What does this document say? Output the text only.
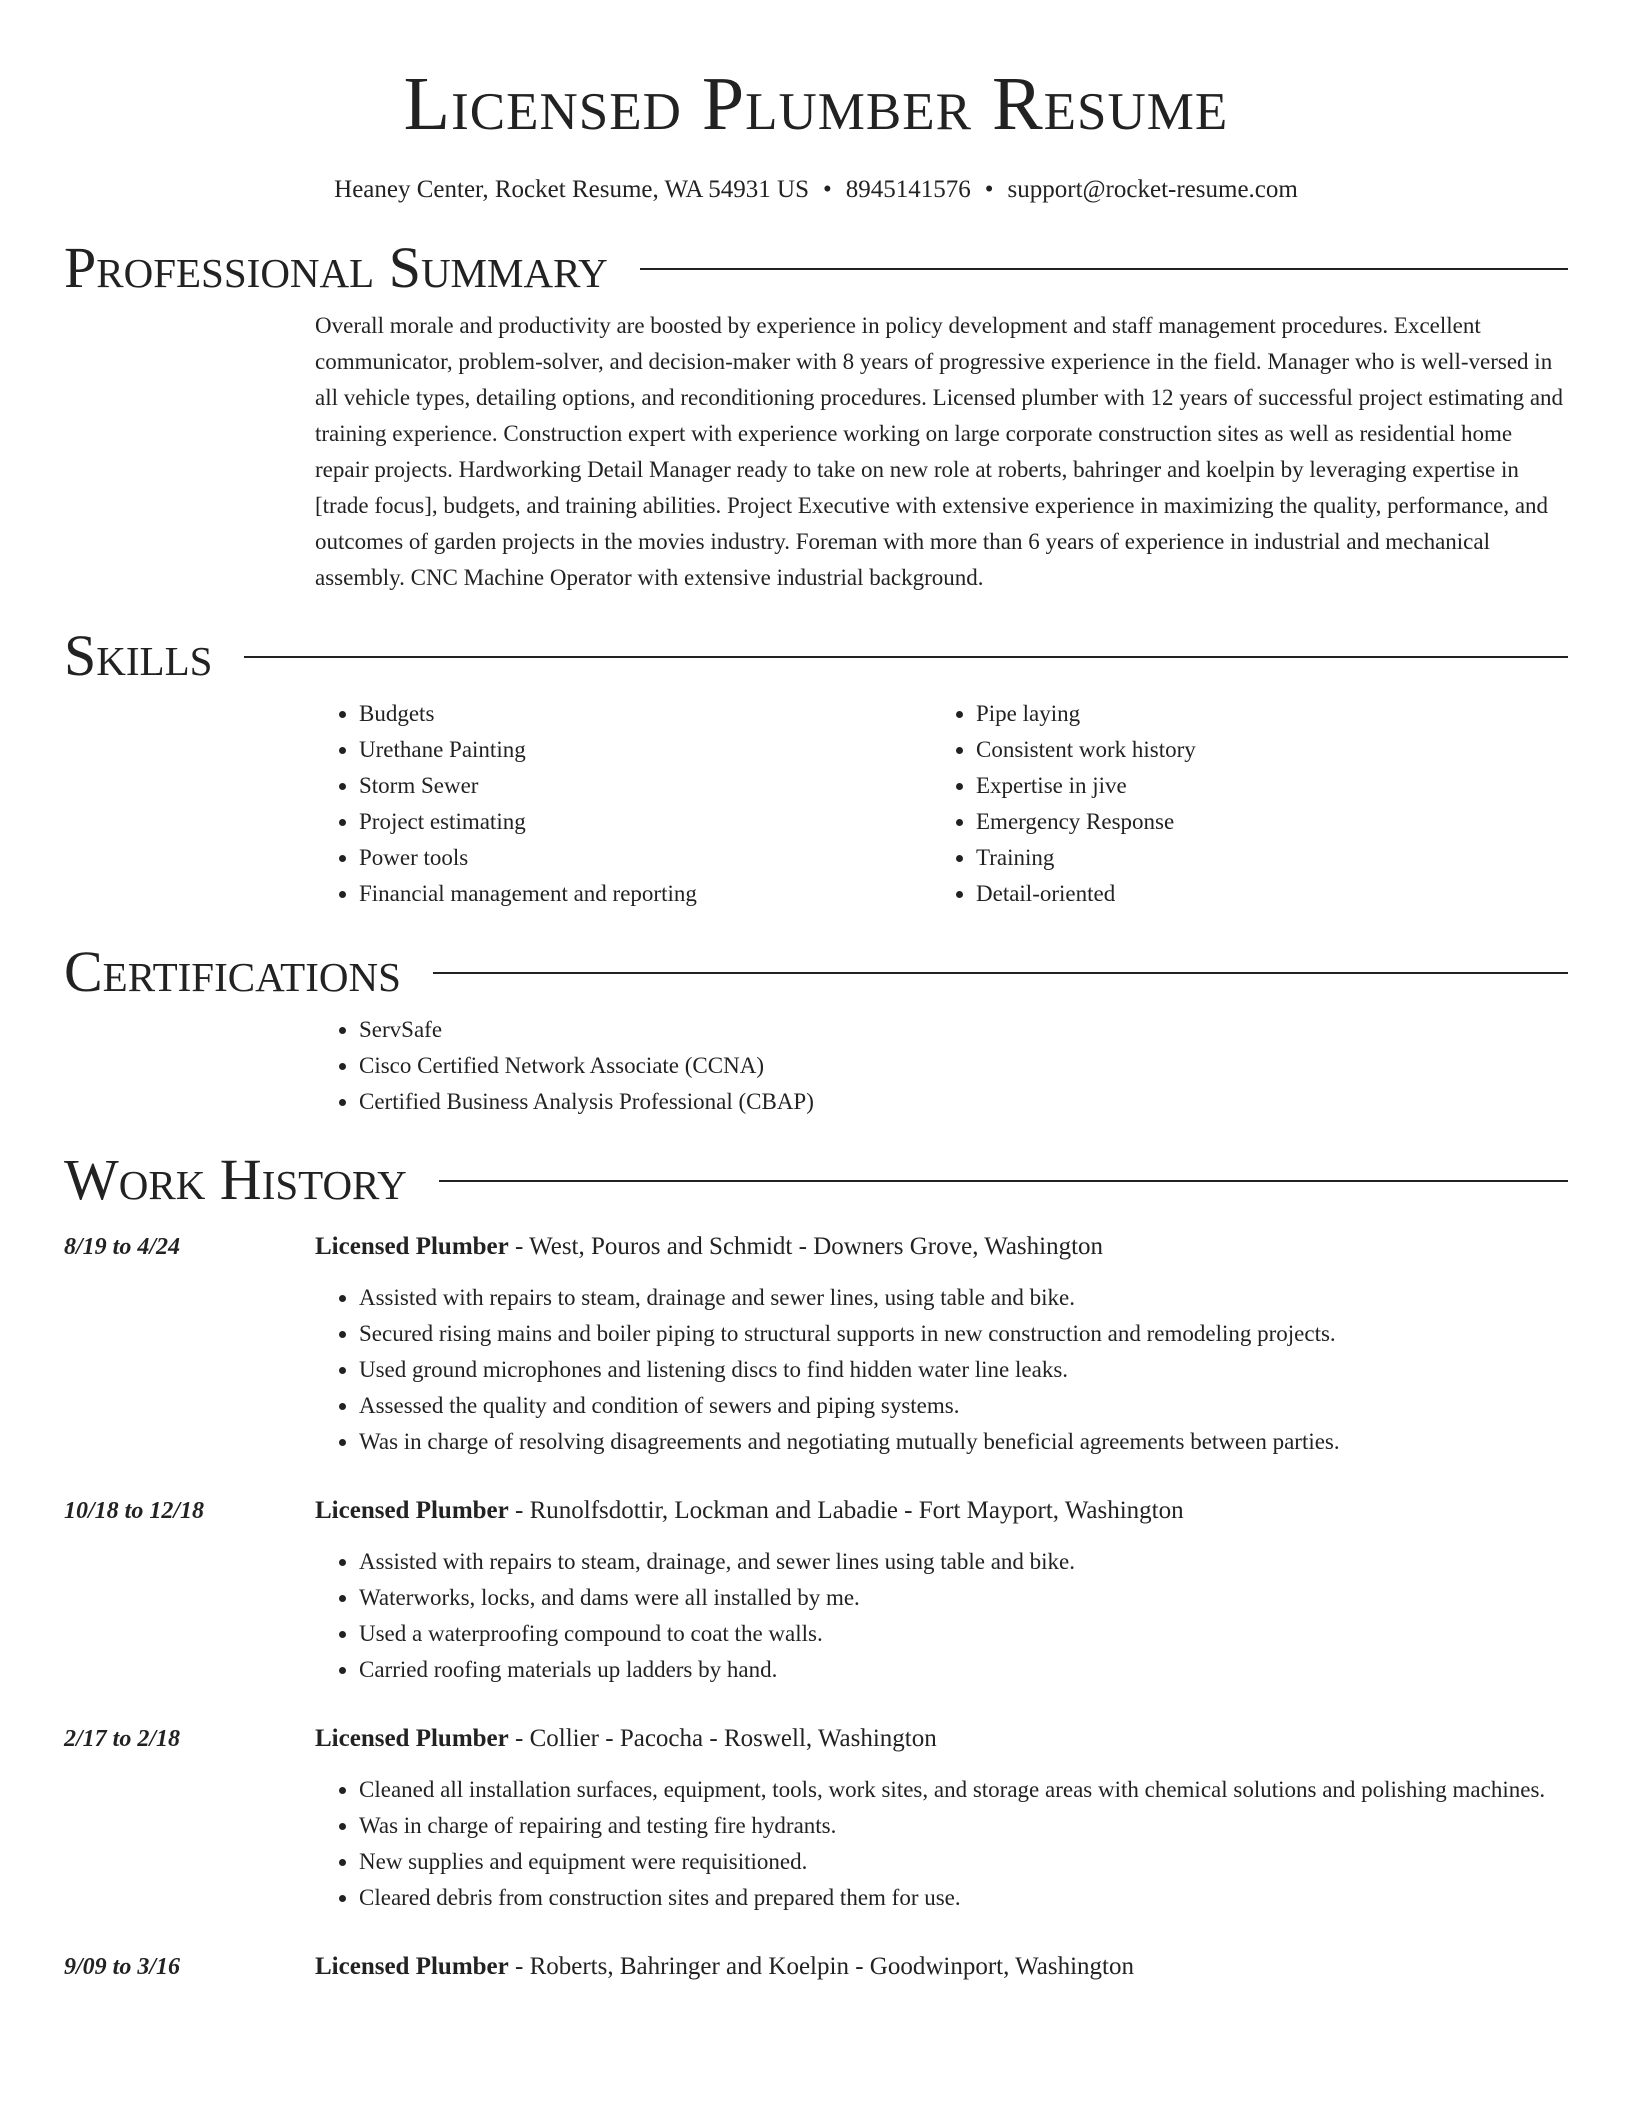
Licensed Plumber Resume
Heaney Center, Rocket Resume, WA 54931 US • 8945141576 • support@rocket-resume.com
Professional Summary

Overall morale and productivity are boosted by experience in policy development and staff management procedures. Excellent communicator, problem-solver, and decision-maker with 8 years of progressive experience in the field. Manager who is well-versed in all vehicle types, detailing options, and reconditioning procedures. Licensed plumber with 12 years of successful project estimating and training experience. Construction expert with experience working on large corporate construction sites as well as residential home repair projects. Hardworking Detail Manager ready to take on new role at roberts, bahringer and koelpin by leveraging expertise in [trade focus], budgets, and training abilities. Project Executive with extensive experience in maximizing the quality, performance, and outcomes of garden projects in the movies industry. Foreman with more than 6 years of experience in industrial and mechanical assembly. CNC Machine Operator with extensive industrial background.

Skills
• Budgets
• Urethane Painting
• Storm Sewer
• Project estimating
• Power tools
• Financial management and reporting
• Pipe laying
• Consistent work history
• Expertise in jive
• Emergency Response
• Training
• Detail-oriented
Certifications
• ServSafe
• Cisco Certified Network Associate (CCNA)
• Certified Business Analysis Professional (CBAP)
Work History
8/19 to 4/24	Licensed Plumber - West, Pouros and Schmidt - Downers Grove, Washington
• Assisted with repairs to steam, drainage and sewer lines, using table and bike.
• Secured rising mains and boiler piping to structural supports in new construction and remodeling projects.
• Used ground microphones and listening discs to find hidden water line leaks.
• Assessed the quality and condition of sewers and piping systems.
• Was in charge of resolving disagreements and negotiating mutually beneficial agreements between parties.
10/18 to 12/18	Licensed Plumber - Runolfsdottir, Lockman and Labadie - Fort Mayport, Washington
• Assisted with repairs to steam, drainage, and sewer lines using table and bike.
• Waterworks, locks, and dams were all installed by me.
• Used a waterproofing compound to coat the walls.
• Carried roofing materials up ladders by hand.
2/17 to 2/18	Licensed Plumber - Collier - Pacocha - Roswell, Washington
• Cleaned all installation surfaces, equipment, tools, work sites, and storage areas with chemical solutions and polishing machines.
• Was in charge of repairing and testing fire hydrants.
• New supplies and equipment were requisitioned.
• Cleared debris from construction sites and prepared them for use.
9/09 to 3/16	Licensed Plumber - Roberts, Bahringer and Koelpin - Goodwinport, Washington
